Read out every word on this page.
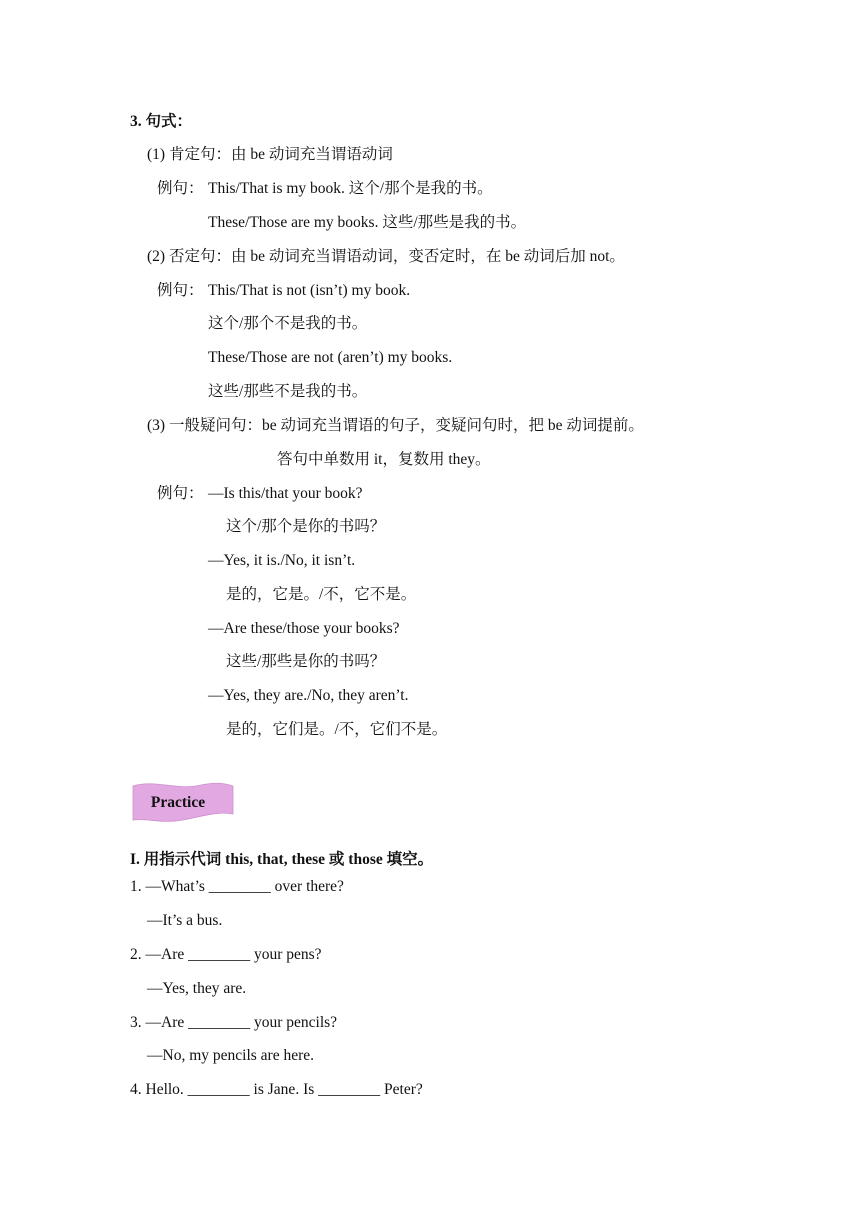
3. 句式：
(1) 肯定句：由 be 动词充当谓语动词
例句： This/That is my book. 这个/那个是我的书。
These/Those are my books. 这些/那些是我的书。
(2) 否定句：由 be 动词充当谓语动词，变否定时，在 be 动词后加 not。
例句： This/That is not (isn’t) my book.
这个/那个不是我的书。
These/Those are not (aren’t) my books.
这些/那些不是我的书。
(3) 一般疑问句：be 动词充当谓语的句子，变疑问句时，把 be 动词提前。
答句中单数用 it，复数用 they。
例句： —Is this/that your book?
这个/那个是你的书吗？
—Yes, it is./No, it isn’t.
是的，它是。/不，它不是。
—Are these/those your books?
这些/那些是你的书吗？
—Yes, they are./No, they aren’t.
是的，它们是。/不，它们不是。
Practice
I. 用指示代词 this, that, these 或 those 填空。
1. —What’s ________ over there?
—It’s a bus.
2. —Are ________ your pens?
—Yes, they are.
3. —Are ________ your pencils?
—No, my pencils are here.
4. Hello. ________ is Jane. Is ________ Peter?
